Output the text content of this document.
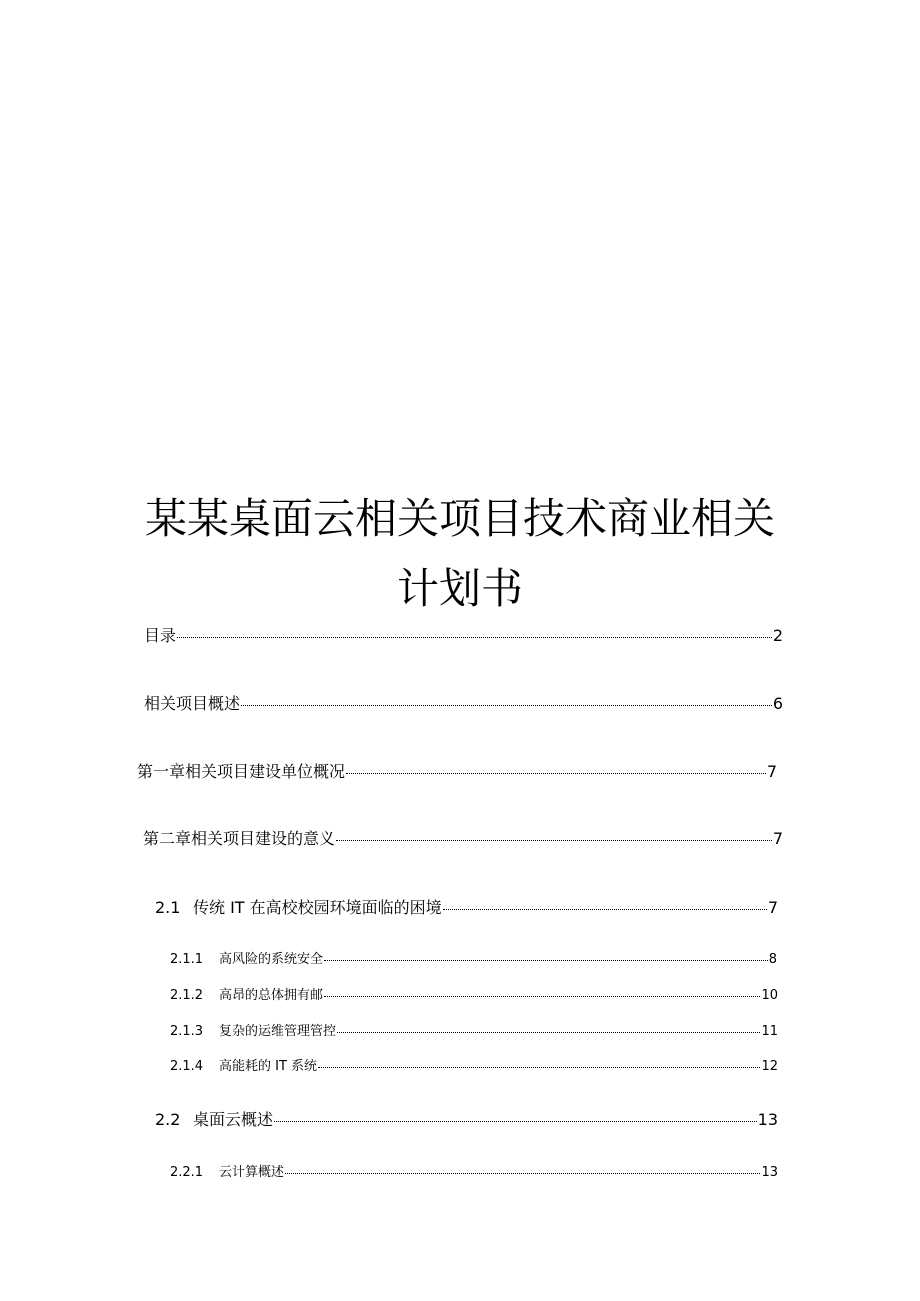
某某桌面云相关项目技术商业相关
计划书
目录	2
相关项目概述	6
第一章相关项目建设单位概况	7
第二章相关项目建设的意义	7
2.1 传统 IT 在高校校园环境面临的困境	7
2.1.1	高风险的系统安全	8
2.1.2	高昂的总体拥有邮	10
2.1.3	复杂的运维管理管控	11
2.1.4	高能耗的 IT 系统	12
2.2 桌面云概述	13
2.2.1	云计算概述	13
